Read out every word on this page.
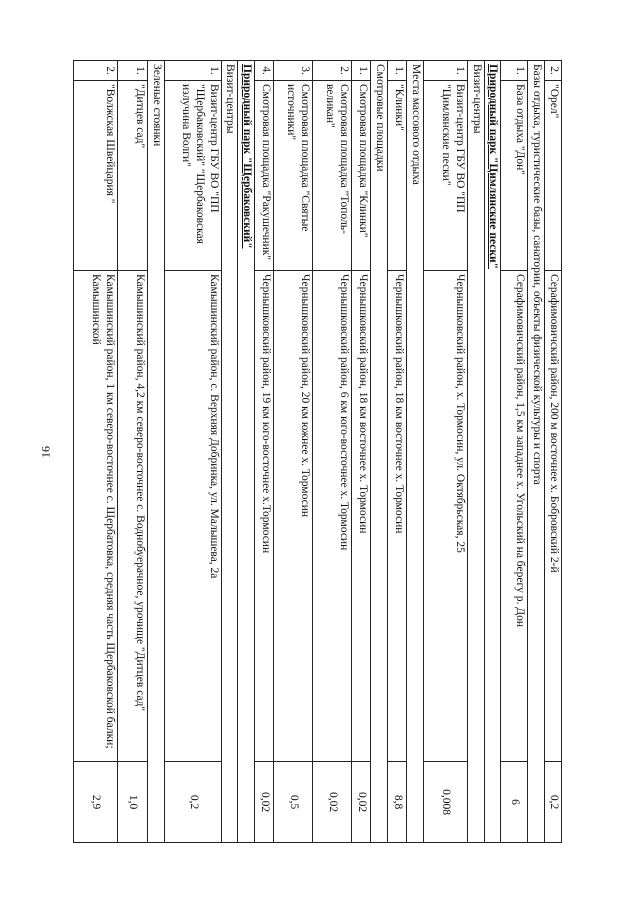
16
2.	"Орел"	Серафимовичский район, 200 м восточнее х. Бобровский 2-й	0,2
Базы отдыха, туристические базы, санатории, объекты физической культуры и спорта			
1.	База отдыха "Дон"	Серафимовичский район, 1,5 км западнее х. Угольский на берегу р. Дон	6
Природный парк "Цимлянские пески"			
Визит-центры			
1.	Визит-центр ГБУ ВО "ПП "Цимлянские пески"	Чернышковский район, х. Тормосин, ул. Октябрьская, 25	0,008
Места массового отдыха			
1.	"Клинки"	Чернышковский район, 18 км восточнее х. Тормосин	8,8
Смотровые площадки			
1.	Смотровая площадка "Клинки"	Чернышковский район, 18 км восточнее х. Тормосин	0,02
2.	Смотровая площадка "Тополь-великан"	Чернышковский район, 6 км юго-восточнее х. Тормосин	0,02
3.	Смотровая площадка "Святые источники"	Чернышковский район, 20 км южнее х. Тормосин	0,5
4.	Смотровая площадка "Ракушечник"	Чернышковский район, 19 км юго-восточнее х.Тормосин	0,02
Природный парк "Щербаковский"			
Визит-центры			
1.	Визит-центр ГБУ ВО "ПП "Щербаковский" "Щербаковская излучина Волги"	Камышинский район, с. Верхняя Добринка, ул. Малышева, 2а	0,2
Зеленые стоянки			
1.	"Дитцев сад"	Камышинский район, 4,2 км северо-восточнее с. Воднобуерачное, урочище "Дитцев сад"	1,0
2.	"Волжская Швейцария "	Камышинский район, 1 км северо-восточнее с. Щербатовка, средняя часть Щербаковской балки; Камышинской	2,9
